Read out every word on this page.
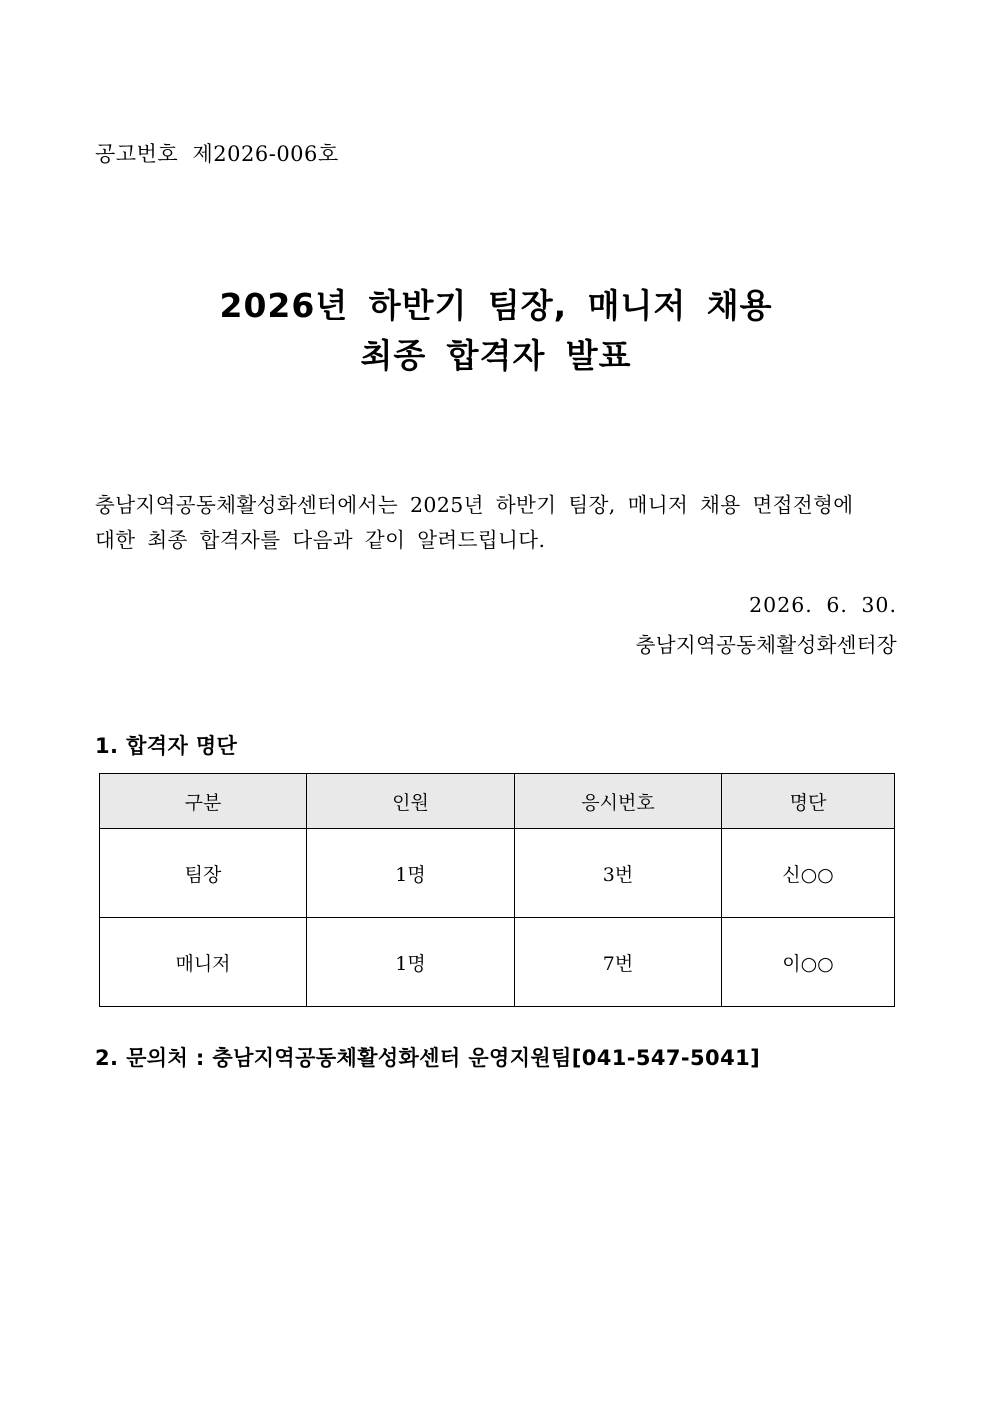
공고번호  제2026-006호
2026년 하반기 팀장, 매니저 채용
최종 합격자 발표
충남지역공동체활성화센터에서는 2025년 하반기 팀장, 매니저 채용 면접전형에
대한 최종 합격자를 다음과 같이 알려드립니다.
2026. 6. 30.
충남지역공동체활성화센터장
1. 합격자 명단
구분	인원	응시번호	명단
팀장	1명	3번	신○○
매니저	1명	7번	이○○
2. 문의처 : 충남지역공동체활성화센터 운영지원팀[041-547-5041]
